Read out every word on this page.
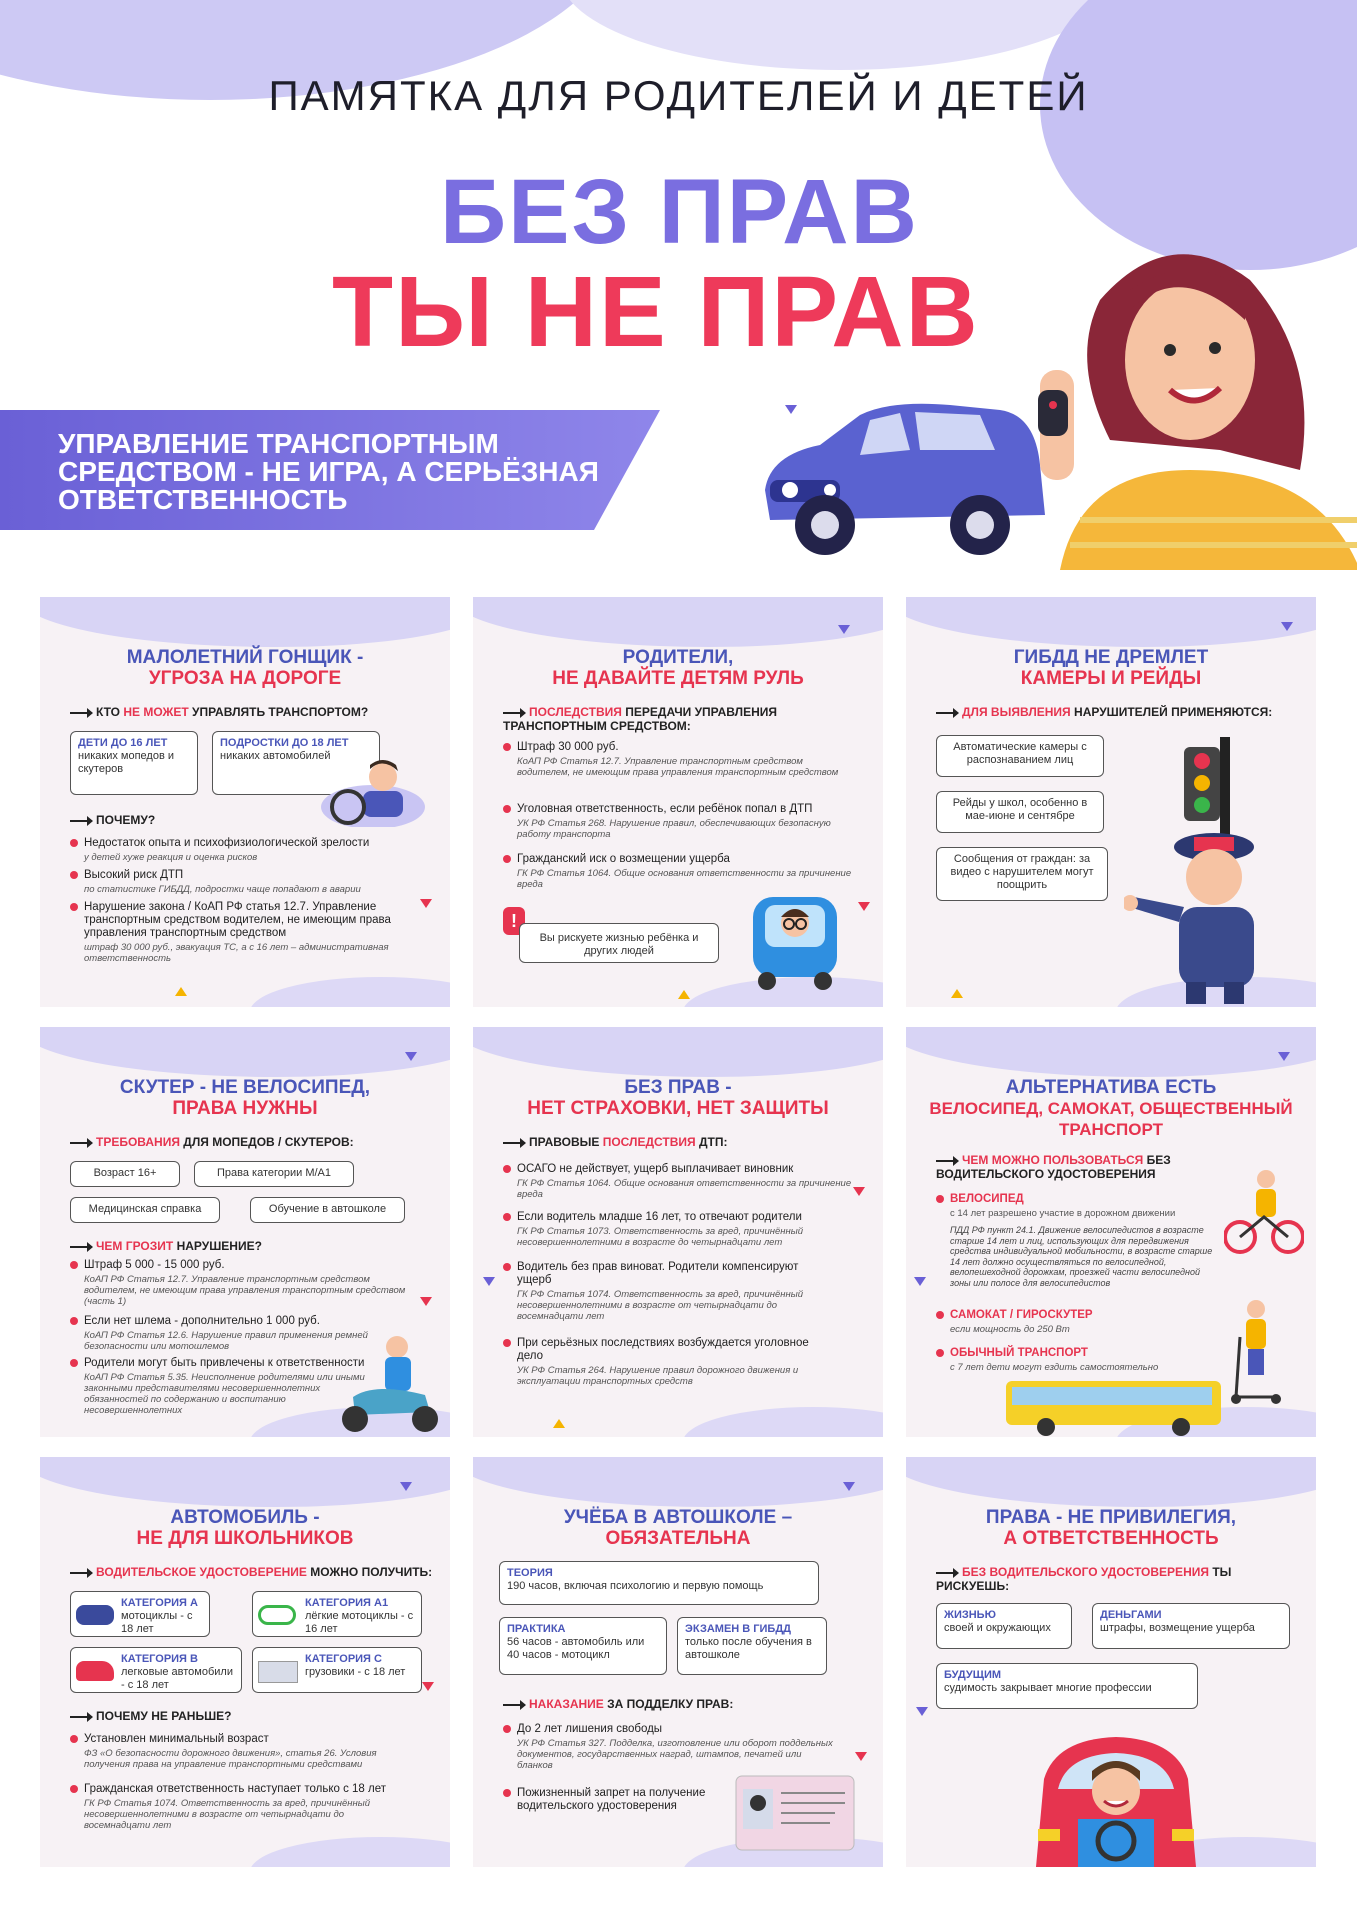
ПАМЯТКА ДЛЯ РОДИТЕЛЕЙ И ДЕТЕЙ
БЕЗ ПРАВ
ТЫ НЕ ПРАВ
УПРАВЛЕНИЕ ТРАНСПОРТНЫМ СРЕДСТВОМ - НЕ ИГРА, А СЕРЬЁЗНАЯ ОТВЕТСТВЕННОСТЬ
МАЛОЛЕТНИЙ ГОНЩИК -
УГРОЗА НА ДОРОГЕ
КТО НЕ МОЖЕТ УПРАВЛЯТЬ ТРАНСПОРТОМ?
ДЕТИ ДО 16 ЛЕТ
никаких мопедов и скутеров
ПОДРОСТКИ ДО 18 ЛЕТ
никаких автомобилей
ПОЧЕМУ?
Недостаток опыта и психофизиологической зрелости
у детей хуже реакция и оценка рисков
Высокий риск ДТП
по статистике ГИБДД, подростки чаще попадают в аварии
Нарушение закона / КоАП РФ статья 12.7. Управление транспортным средством водителем, не имеющим права управления транспортным средством
штраф 30 000 руб., эвакуация ТС, а с 16 лет – административная ответственность
РОДИТЕЛИ,
НЕ ДАВАЙТЕ ДЕТЯМ РУЛЬ
ПОСЛЕДСТВИЯ ПЕРЕДАЧИ УПРАВЛЕНИЯ ТРАНСПОРТНЫМ СРЕДСТВОМ:
Штраф 30 000 руб.
КоАП РФ Статья 12.7. Управление транспортным средством водителем, не имеющим права управления транспортным средством
Уголовная ответственность, если ребёнок попал в ДТП
УК РФ Статья 268. Нарушение правил, обеспечивающих безопасную работу транспорта
Гражданский иск о возмещении ущерба
ГК РФ Статья 1064. Общие основания ответственности за причинение вреда
!
Вы рискуете жизнью ребёнка и других людей
ГИБДД НЕ ДРЕМЛЕТ
КАМЕРЫ И РЕЙДЫ
ДЛЯ ВЫЯВЛЕНИЯ НАРУШИТЕЛЕЙ ПРИМЕНЯЮТСЯ:
Автоматические камеры с распознаванием лиц
Рейды у школ, особенно в мае-июне и сентябре
Сообщения от граждан: за видео с нарушителем могут поощрить
СКУТЕР - НЕ ВЕЛОСИПЕД,
ПРАВА НУЖНЫ
ТРЕБОВАНИЯ ДЛЯ МОПЕДОВ / СКУТЕРОВ:
Возраст 16+	Права категории М/А1
Медицинская справка	Обучение в автошколе
ЧЕМ ГРОЗИТ НАРУШЕНИЕ?
Штраф 5 000 - 15 000 руб.
КоАП РФ Статья 12.7. Управление транспортным средством водителем, не имеющим права управления транспортным средством (часть 1)
Если нет шлема - дополнительно 1 000 руб.
КоАП РФ Статья 12.6. Нарушение правил применения ремней безопасности или мотошлемов
Родители могут быть привлечены к ответственности
КоАП РФ Статья 5.35. Неисполнение родителями или иными законными представителями несовершеннолетних обязанностей по содержанию и воспитанию несовершеннолетних
БЕЗ ПРАВ -
НЕТ СТРАХОВКИ, НЕТ ЗАЩИТЫ
ПРАВОВЫЕ ПОСЛЕДСТВИЯ ДТП:
ОСАГО не действует, ущерб выплачивает виновник
ГК РФ Статья 1064. Общие основания ответственности за причинение вреда
Если водитель младше 16 лет, то отвечают родители
ГК РФ Статья 1073. Ответственность за вред, причинённый несовершеннолетними в возрасте до четырнадцати лет
Водитель без прав виноват. Родители компенсируют ущерб
ГК РФ Статья 1074. Ответственность за вред, причинённый несовершеннолетними в возрасте от четырнадцати до восемнадцати лет
При серьёзных последствиях возбуждается уголовное дело
УК РФ Статья 264. Нарушение правил дорожного движения и эксплуатации транспортных средств
АЛЬТЕРНАТИВА ЕСТЬ
ВЕЛОСИПЕД, САМОКАТ, ОБЩЕСТВЕННЫЙ ТРАНСПОРТ
ЧЕМ МОЖНО ПОЛЬЗОВАТЬСЯ БЕЗ ВОДИТЕЛЬСКОГО УДОСТОВЕРЕНИЯ
ВЕЛОСИПЕД
с 14 лет разрешено участие в дорожном движении
ПДД РФ пункт 24.1. Движение велосипедистов в возрасте старше 14 лет и лиц, использующих для передвижения средства индивидуальной мобильности, в возрасте старше 14 лет должно осуществляться по велосипедной, велопешеходной дорожкам, проезжей части велосипедной зоны или полосе для велосипедистов
САМОКАТ / ГИРОСКУТЕР
если мощность до 250 Вт
ОБЫЧНЫЙ ТРАНСПОРТ
с 7 лет дети могут ездить самостоятельно
АВТОМОБИЛЬ -
НЕ ДЛЯ ШКОЛЬНИКОВ
ВОДИТЕЛЬСКОЕ УДОСТОВЕРЕНИЕ МОЖНО ПОЛУЧИТЬ:
КАТЕГОРИЯ А
мотоциклы - с 18 лет
КАТЕГОРИЯ А1
лёгкие мотоциклы - с 16 лет
КАТЕГОРИЯ В
легковые автомобили - с 18 лет
КАТЕГОРИЯ С
грузовики - с 18 лет
ПОЧЕМУ НЕ РАНЬШЕ?
Установлен минимальный возраст
ФЗ «О безопасности дорожного движения», статья 26. Условия получения права на управление транспортными средствами
Гражданская ответственность наступает только с 18 лет
ГК РФ Статья 1074. Ответственность за вред, причинённый несовершеннолетними в возрасте от четырнадцати до восемнадцати лет
УЧЁБА В АВТОШКОЛЕ –
ОБЯЗАТЕЛЬНА
ТЕОРИЯ
190 часов, включая психологию и первую помощь
ПРАКТИКА
56 часов - автомобиль или 40 часов - мотоцикл
ЭКЗАМЕН В ГИБДД
только после обучения в автошколе
НАКАЗАНИЕ ЗА ПОДДЕЛКУ ПРАВ:
До 2 лет лишения свободы
УК РФ Статья 327. Подделка, изготовление или оборот поддельных документов, государственных наград, штампов, печатей или бланков
Пожизненный запрет на получение водительского удостоверения
ПРАВА - НЕ ПРИВИЛЕГИЯ,
А ОТВЕТСТВЕННОСТЬ
БЕЗ ВОДИТЕЛЬСКОГО УДОСТОВЕРЕНИЯ ТЫ РИСКУЕШЬ:
ЖИЗНЬЮ
своей и окружающих
ДЕНЬГАМИ
штрафы, возмещение ущерба
БУДУЩИМ
судимость закрывает многие профессии
